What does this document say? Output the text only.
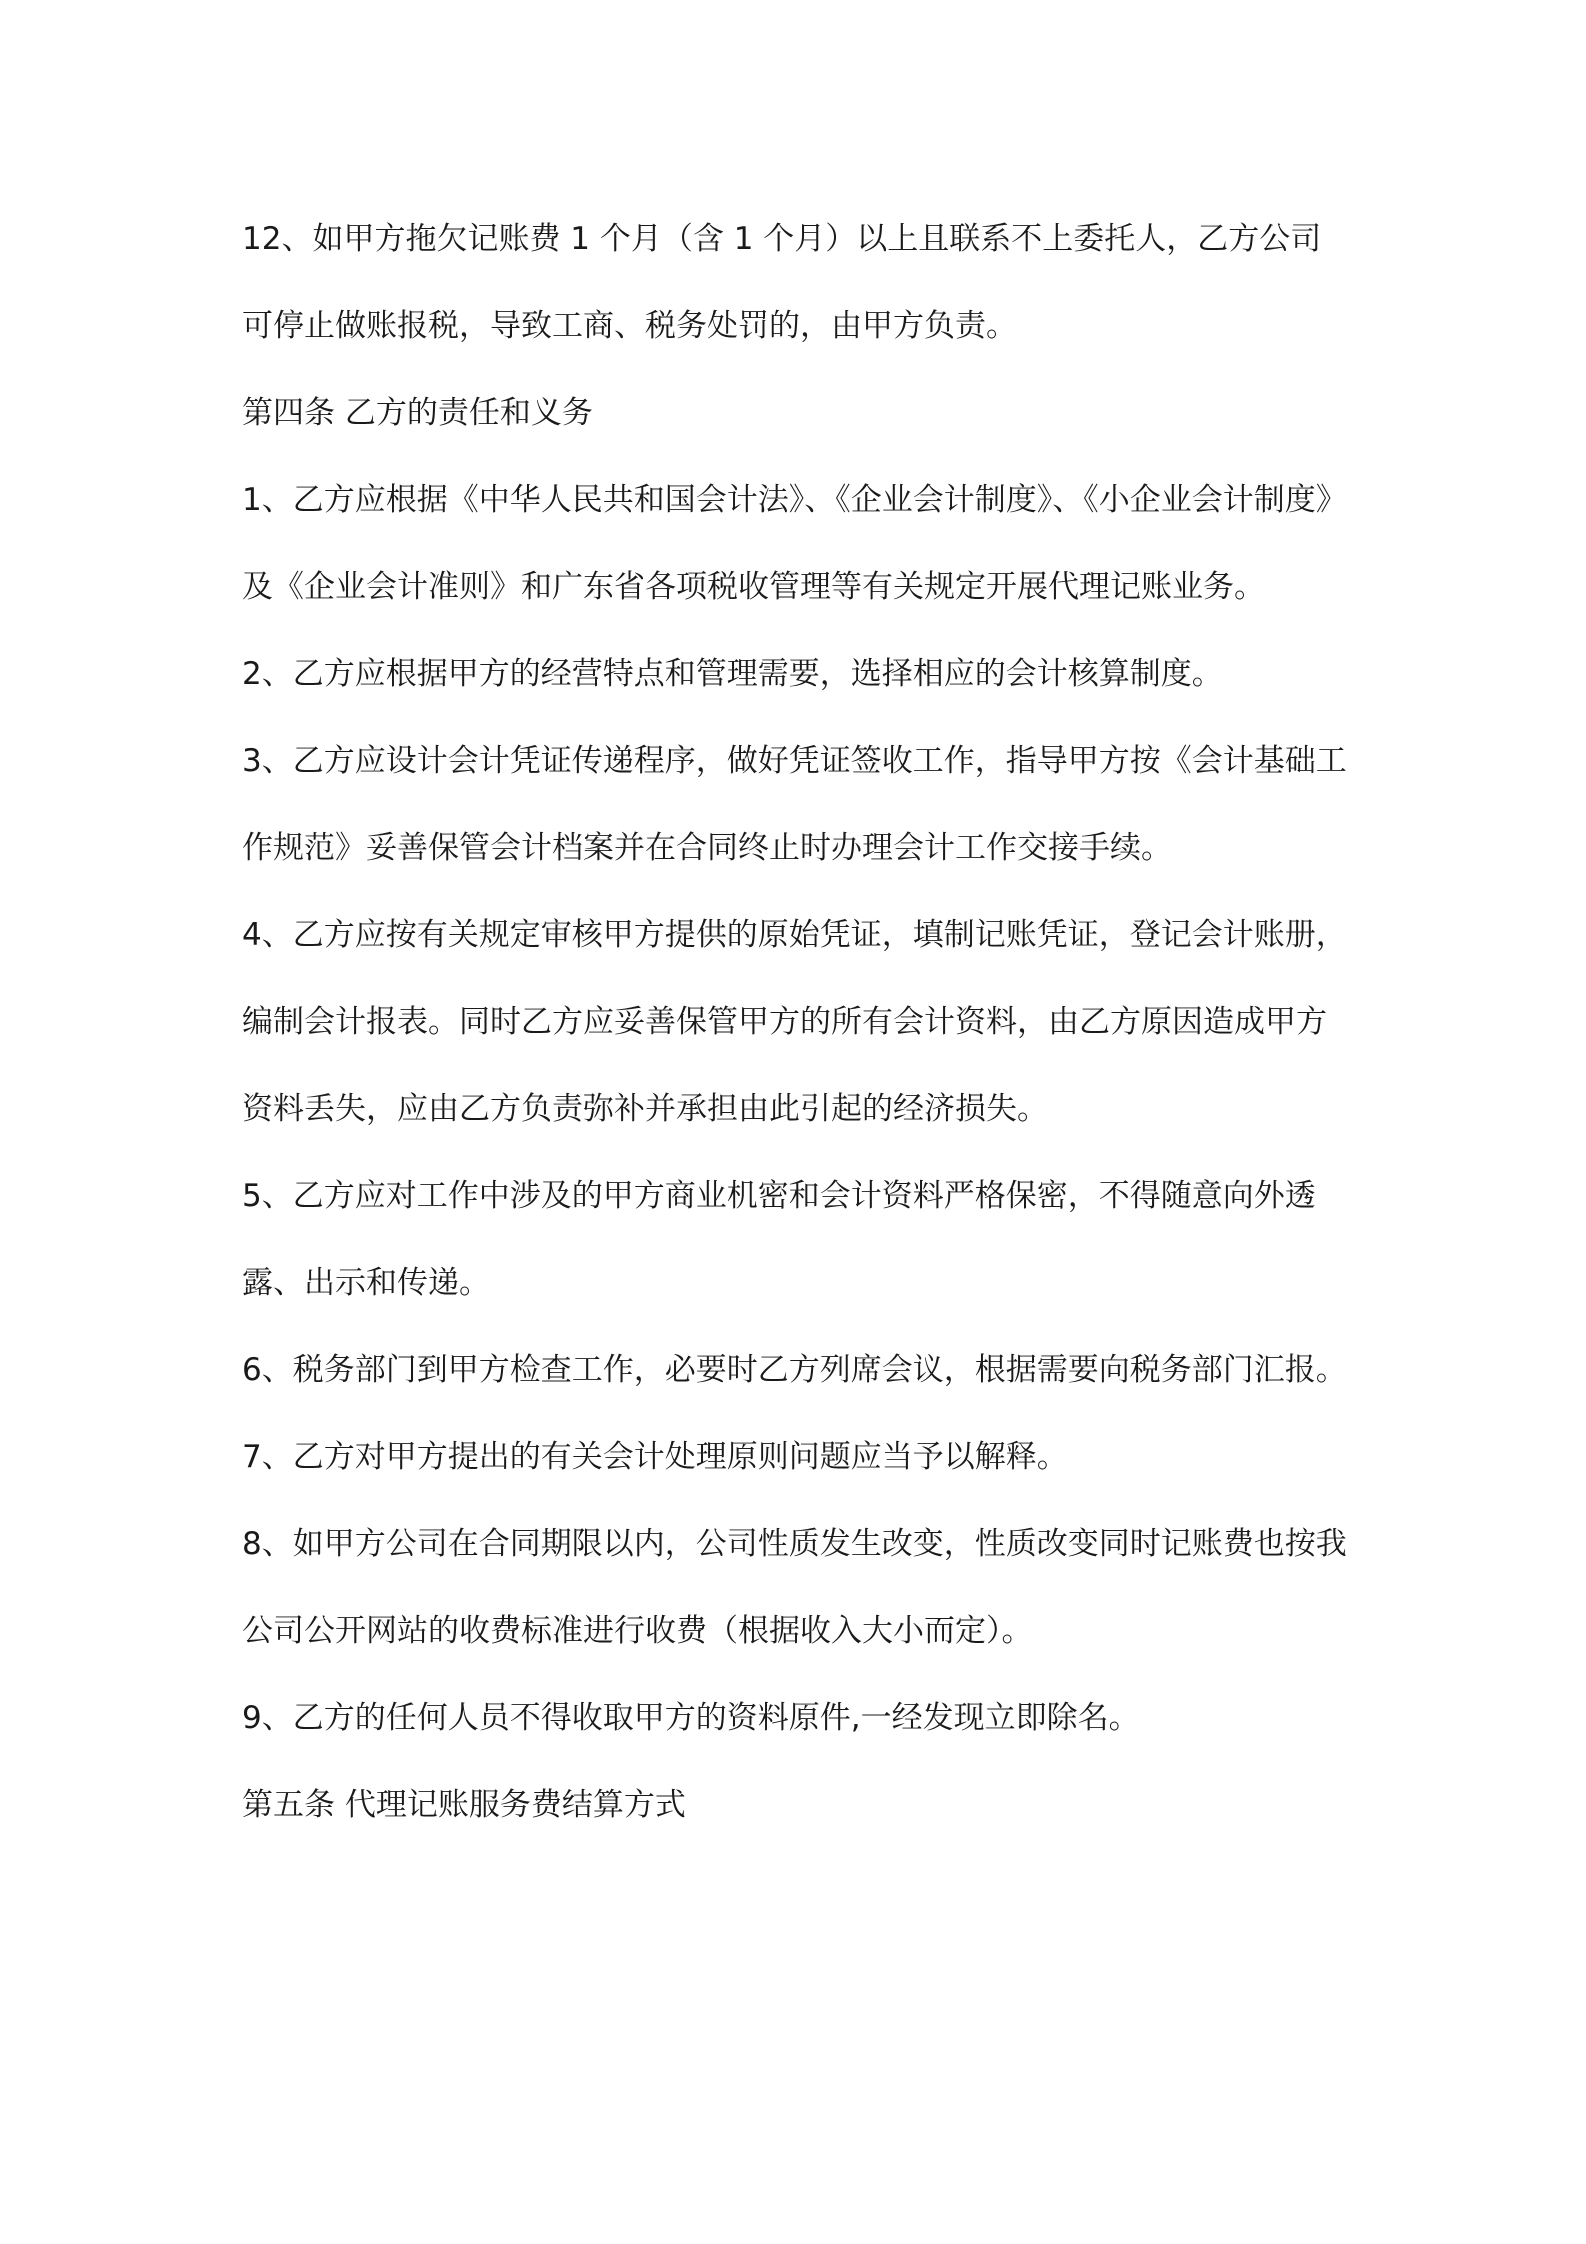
12、如甲方拖欠记账费 1 个月（含 1 个月）以上且联系不上委托人，乙方公司可停止做账报税，导致工商、税务处罚的，由甲方负责。

第四条 乙方的责任和义务

1、乙方应根据《中华人民共和国会计法》、《企业会计制度》、《小企业会计制度》及《企业会计准则》和广东省各项税收管理等有关规定开展代理记账业务。

2、乙方应根据甲方的经营特点和管理需要，选择相应的会计核算制度。

3、乙方应设计会计凭证传递程序，做好凭证签收工作，指导甲方按《会计基础工作规范》妥善保管会计档案并在合同终止时办理会计工作交接手续。

4、乙方应按有关规定审核甲方提供的原始凭证，填制记账凭证，登记会计账册，编制会计报表。同时乙方应妥善保管甲方的所有会计资料，由乙方原因造成甲方资料丢失，应由乙方负责弥补并承担由此引起的经济损失。

5、乙方应对工作中涉及的甲方商业机密和会计资料严格保密，不得随意向外透露、出示和传递。

6、税务部门到甲方检查工作，必要时乙方列席会议，根据需要向税务部门汇报。

7、乙方对甲方提出的有关会计处理原则问题应当予以解释。

8、如甲方公司在合同期限以内，公司性质发生改变，性质改变同时记账费也按我公司公开网站的收费标准进行收费（根据收入大小而定）。

9、乙方的任何人员不得收取甲方的资料原件,一经发现立即除名。

第五条 代理记账服务费结算方式
